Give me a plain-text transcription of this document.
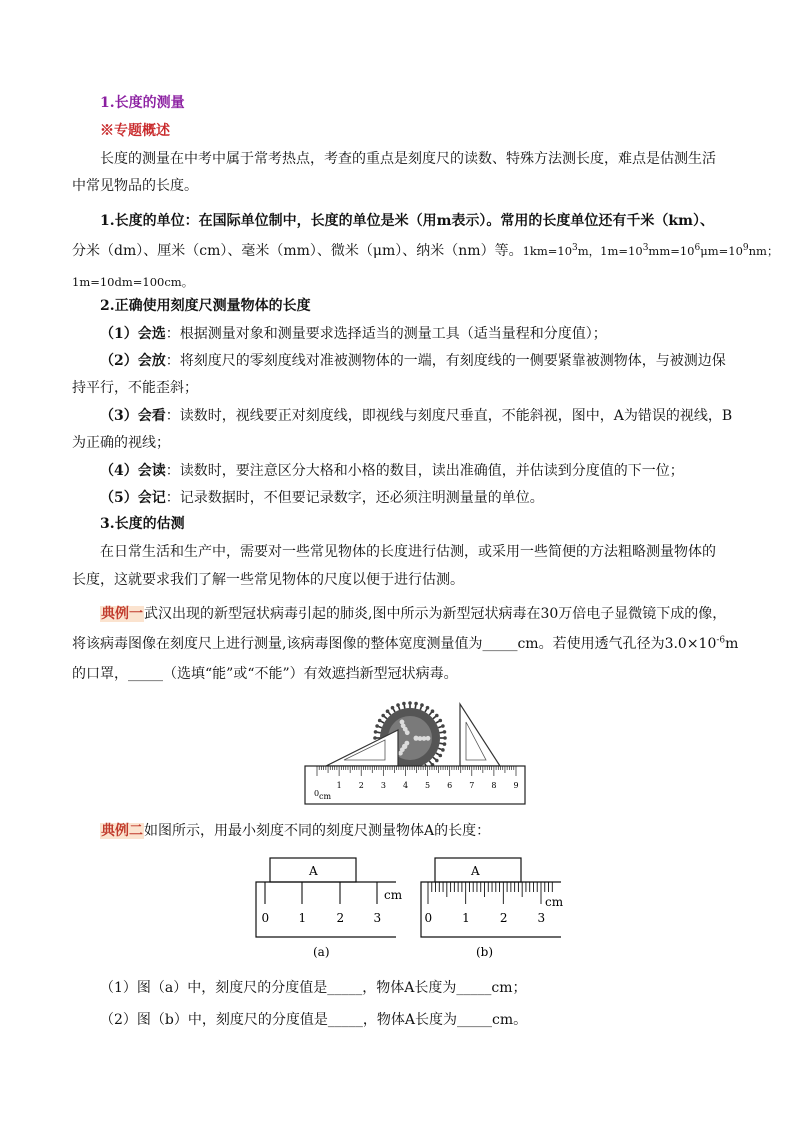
1.长度的测量
※专题概述
长度的测量在中考中属于常考热点，考查的重点是刻度尺的读数、特殊方法测长度，难点是估测生活
中常见物品的长度。
1.长度的单位：在国际单位制中，长度的单位是米（用m表示）。常用的长度单位还有千米（km）、
分米（dm）、厘米（cm）、毫米（mm）、微米（μm）、纳米（nm）等。$1km=10^3m$，$1m=10^3mm=10^6\mu m=10^9nm$；
1m=10dm=100cm。
2.正确使用刻度尺测量物体的长度
（1）会选：根据测量对象和测量要求选择适当的测量工具（适当量程和分度值）；
（2）会放：将刻度尺的零刻度线对准被测物体的一端，有刻度线的一侧要紧靠被测物体，与被测边保
持平行，不能歪斜；
（3）会看：读数时，视线要正对刻度线，即视线与刻度尺垂直，不能斜视，图中，A为错误的视线，B
为正确的视线；
（4）会读：读数时，要注意区分大格和小格的数目，读出准确值，并估读到分度值的下一位；
（5）会记：记录数据时，不但要记录数字，还必须注明测量量的单位。
3.长度的估测
在日常生活和生产中，需要对一些常见物体的长度进行估测，或采用一些简便的方法粗略测量物体的
长度，这就要求我们了解一些常见物体的尺度以便于进行估测。
典例一武汉出现的新型冠状病毒引起的肺炎,图中所示为新型冠状病毒在30万倍电子显微镜下成的像，
将该病毒图像在刻度尺上进行测量,该病毒图像的整体宽度测量值为_____cm。若使用透气孔径为$3.0\times 10^{-6}m$
的口罩，_____（选填“能”或“不能”）有效遮挡新型冠状病毒。
1 2 3 4 5 6 7 8 9
0 cm
典例二如图所示，用最小刻度不同的刻度尺测量物体A的长度：
A
0 1	2 3
cm
(a)
A
0	1	2	3
cm
(b)
（1）图（a）中，刻度尺的分度值是_____，物体A长度为_____cm；
（2）图（b）中，刻度尺的分度值是_____，物体A长度为_____cm。
